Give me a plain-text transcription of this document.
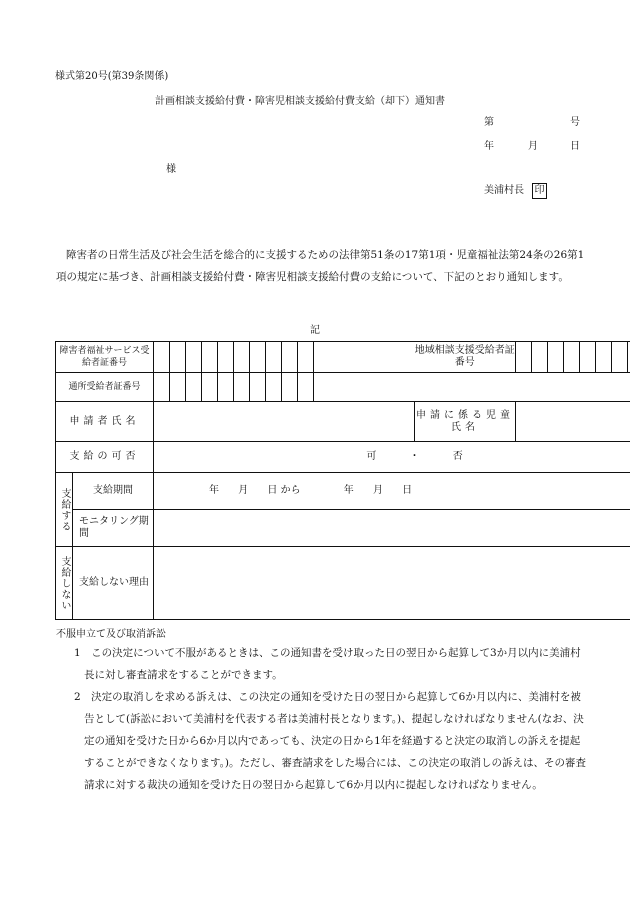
様式第20号(第39条関係)
計画相談支援給付費・障害児相談支援給付費支給（却下）通知書
第	号
年	月	日
様
美浦村長 印
障害者の日常生活及び社会生活を総合的に支援するための法律第51条の17第1項・児童福祉法第24条の26第1項の規定に基づき、計画相談支援給付費・障害児相談支援給付費の支給について、下記のとおり通知します。
記
障害者福祉サービス受給者証番号													地域相談支援受給者証番号										
通所受給者証番号																							
申請者氏名													申請に係る児童氏名										
支給の可否		可 ・ 否																					
支給する	支給期間	年 月 日 から 年 月 日																					
	モニタリング期間																						
支給しない	支給しない理由																						
不服申立て及び取消訴訟
1　この決定について不服があるときは、この通知書を受け取った日の翌日から起算して3か月以内に美浦村長に対し審査請求をすることができます。
2　決定の取消しを求める訴えは、この決定の通知を受けた日の翌日から起算して6か月以内に、美浦村を被告として(訴訟において美浦村を代表する者は美浦村長となります。)、提起しなければなりません(なお、決定の通知を受けた日から6か月以内であっても、決定の日から1年を経過すると決定の取消しの訴えを提起することができなくなります。)。ただし、審査請求をした場合には、この決定の取消しの訴えは、その審査請求に対する裁決の通知を受けた日の翌日から起算して6か月以内に提起しなければなりません。
